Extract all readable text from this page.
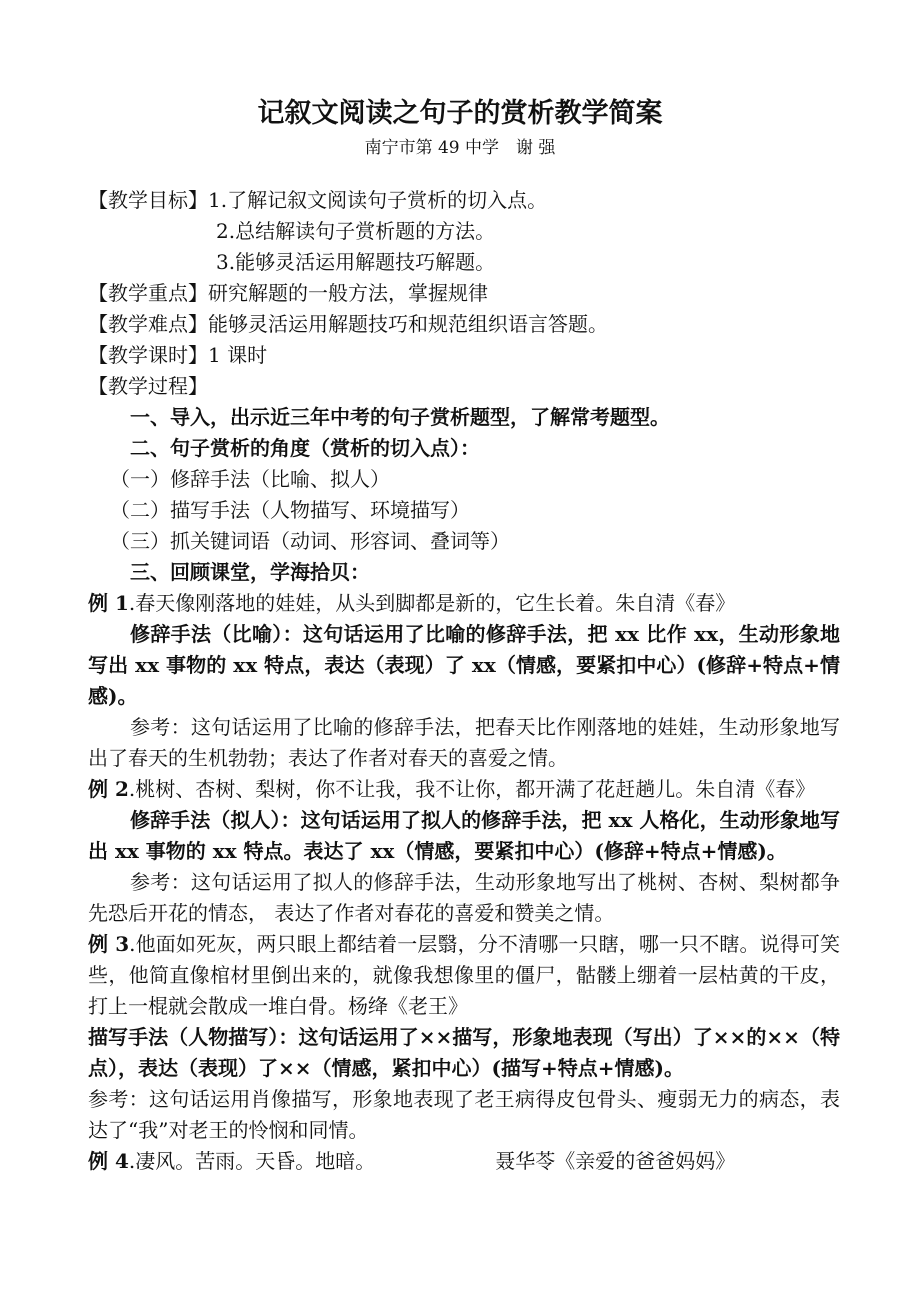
记叙文阅读之句子的赏析教学简案
南宁市第 49 中学　谢 强
【教学目标】1.了解记叙文阅读句子赏析的切入点。
2.总结解读句子赏析题的方法。
3.能够灵活运用解题技巧解题。
【教学重点】研究解题的一般方法，掌握规律
【教学难点】能够灵活运用解题技巧和规范组织语言答题。
【教学课时】1 课时
【教学过程】
一、导入，出示近三年中考的句子赏析题型，了解常考题型。
二、句子赏析的角度（赏析的切入点）：
（一）修辞手法（比喻、拟人）
（二）描写手法（人物描写、环境描写）
（三）抓关键词语（动词、形容词、叠词等）
三、回顾课堂，学海拾贝：
例 1.春天像刚落地的娃娃，从头到脚都是新的，它生长着。朱自清《春》
修辞手法（比喻）：这句话运用了比喻的修辞手法，把 xx 比作 xx，生动形象地写出 xx 事物的 xx 特点，表达（表现）了 xx（情感，要紧扣中心）(修辞+特点+情感)。
参考：这句话运用了比喻的修辞手法，把春天比作刚落地的娃娃，生动形象地写出了春天的生机勃勃；表达了作者对春天的喜爱之情。
例 2.桃树、杏树、梨树，你不让我，我不让你，都开满了花赶趟儿。朱自清《春》
修辞手法（拟人）：这句话运用了拟人的修辞手法，把 xx 人格化，生动形象地写出 xx 事物的 xx 特点。表达了 xx（情感，要紧扣中心）(修辞+特点+情感)。
参考：这句话运用了拟人的修辞手法，生动形象地写出了桃树、杏树、梨树都争先恐后开花的情态， 表达了作者对春花的喜爱和赞美之情。
例 3.他面如死灰，两只眼上都结着一层翳，分不清哪一只瞎，哪一只不瞎。说得可笑些，他简直像棺材里倒出来的，就像我想像里的僵尸，骷髅上绷着一层枯黄的干皮，打上一棍就会散成一堆白骨。杨绛《老王》
描写手法（人物描写）：这句话运用了××描写，形象地表现（写出）了××的××（特点），表达（表现）了××（情感，紧扣中心）(描写+特点+情感)。
参考：这句话运用肖像描写，形象地表现了老王病得皮包骨头、瘦弱无力的病态，表达了“我”对老王的怜悯和同情。
例 4.凄风。苦雨。天昏。地暗。	聂华苓《亲爱的爸爸妈妈》
